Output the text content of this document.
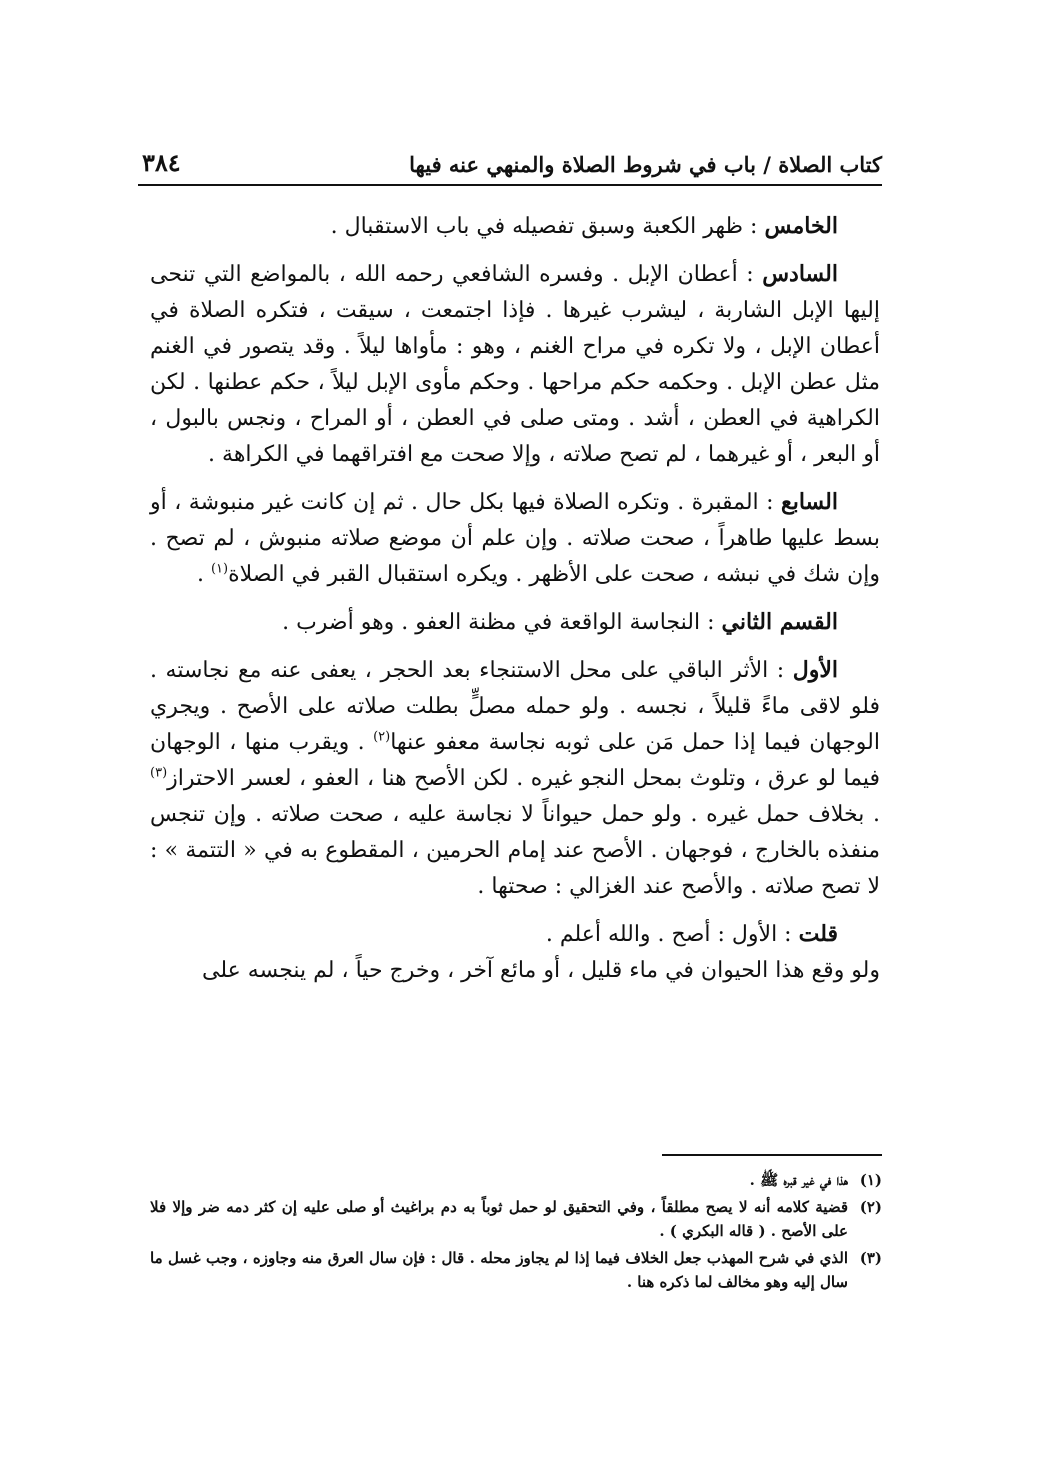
كتاب الصلاة / باب في شروط الصلاة والمنهي عنه فيها
٣٨٤

الخامس : ظهر الكعبة وسبق تفصيله في باب الاستقبال .

السادس : أعطان الإبل . وفسره الشافعي رحمه الله ، بالمواضع التي تنحى إليها الإبل الشاربة ، ليشرب غيرها . فإذا اجتمعت ، سيقت ، فتكره الصلاة في أعطان الإبل ، ولا تكره في مراح الغنم ، وهو : مأواها ليلاً . وقد يتصور في الغنم مثل عطن الإبل . وحكمه حكم مراحها . وحكم مأوى الإبل ليلاً ، حكم عطنها . لكن الكراهية في العطن ، أشد . ومتى صلى في العطن ، أو المراح ، ونجس بالبول ، أو البعر ، أو غيرهما ، لم تصح صلاته ، وإلا صحت مع افتراقهما في الكراهة .

السابع : المقبرة . وتكره الصلاة فيها بكل حال . ثم إن كانت غير منبوشة ، أو بسط عليها طاهراً ، صحت صلاته . وإن علم أن موضع صلاته منبوش ، لم تصح . وإن شك في نبشه ، صحت على الأظهر . ويكره استقبال القبر في الصلاة$^{(١)}$ .

القسم الثاني : النجاسة الواقعة في مظنة العفو . وهو أضرب .

الأول : الأثر الباقي على محل الاستنجاء بعد الحجر ، يعفى عنه مع نجاسته . فلو لاقى ماءً قليلاً ، نجسه . ولو حمله مصلٍّ بطلت صلاته على الأصح . ويجري الوجهان فيما إذا حمل مَن على ثوبه نجاسة معفو عنها$^{(٢)}$ . ويقرب منها ، الوجهان فيما لو عرق ، وتلوث بمحل النجو غيره . لكن الأصح هنا ، العفو ، لعسر الاحتراز$^{(٣)}$ . بخلاف حمل غيره . ولو حمل حيواناً لا نجاسة عليه ، صحت صلاته . وإن تنجس منفذه بالخارج ، فوجهان . الأصح عند إمام الحرمين ، المقطوع به في « التتمة » : لا تصح صلاته . والأصح عند الغزالي : صحتها .

قلت : الأول : أصح . والله أعلم .

ولو وقع هذا الحيوان في ماء قليل ، أو مائع آخر ، وخرج حياً ، لم ينجسه على

(١)
هذا في غير قبره ﷺ .
(٢)
قضية كلامه أنه لا يصح مطلقاً ، وفي التحقيق لو حمل ثوباً به دم براغيث أو صلى عليه إن كثر دمه ضر وإلا فلا على الأصح . ( قاله البكري ) .
(٣)
الذي في شرح المهذب جعل الخلاف فيما إذا لم يجاوز محله . قال : فإن سال العرق منه وجاوزه ، وجب غسل ما سال إليه وهو مخالف لما ذكره هنا .
